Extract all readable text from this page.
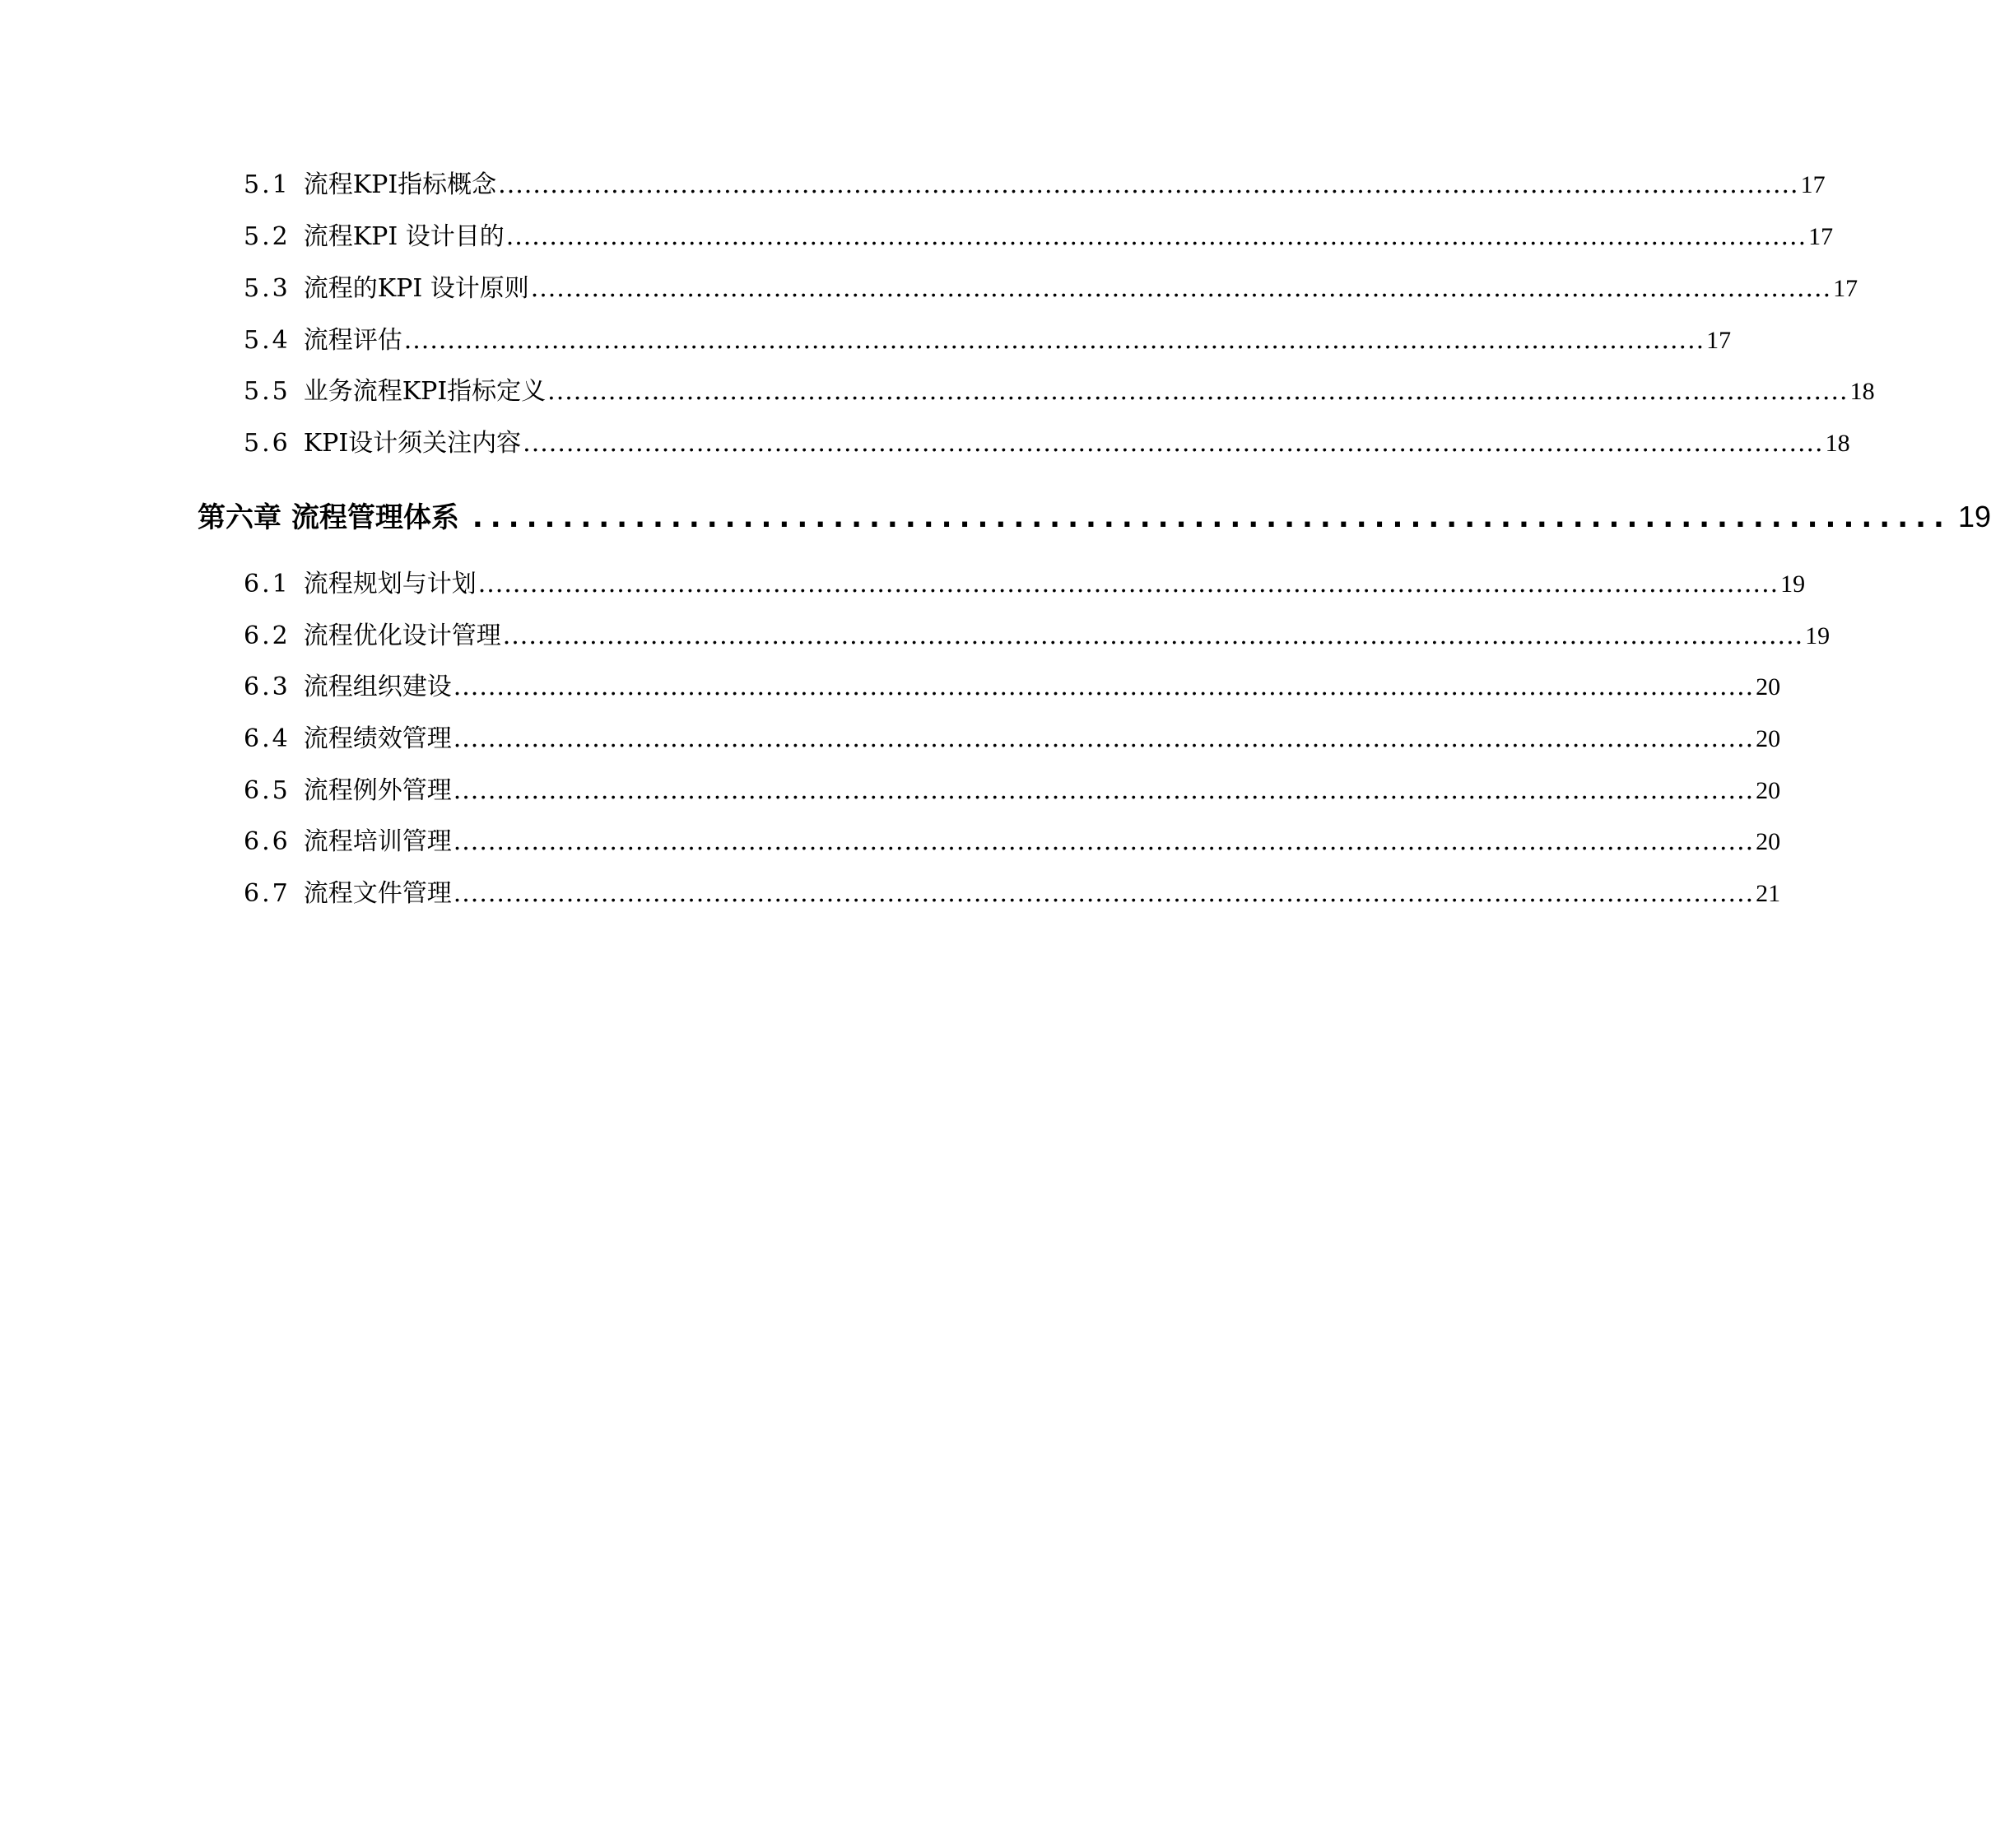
5.1 流程KPI指标概念 ...................................................................................................................................................... 17
5.2 流程KPI 设计目的 ...................................................................................................................................................... 17
5.3 流程的KPI 设计原则 ...................................................................................................................................................... 17
5.4 流程评估 ...................................................................................................................................................... 17
5.5 业务流程KPI指标定义 ...................................................................................................................................................... 18
5.6 KPI设计须关注内容 ...................................................................................................................................................... 18
第六章 流程管理体系 .................................................................................. 19
6.1 流程规划与计划 ...................................................................................................................................................... 19
6.2 流程优化设计管理 ...................................................................................................................................................... 19
6.3 流程组织建设 ...................................................................................................................................................... 20
6.4 流程绩效管理 ...................................................................................................................................................... 20
6.5 流程例外管理 ...................................................................................................................................................... 20
6.6 流程培训管理 ...................................................................................................................................................... 20
6.7 流程文件管理 ...................................................................................................................................................... 21
